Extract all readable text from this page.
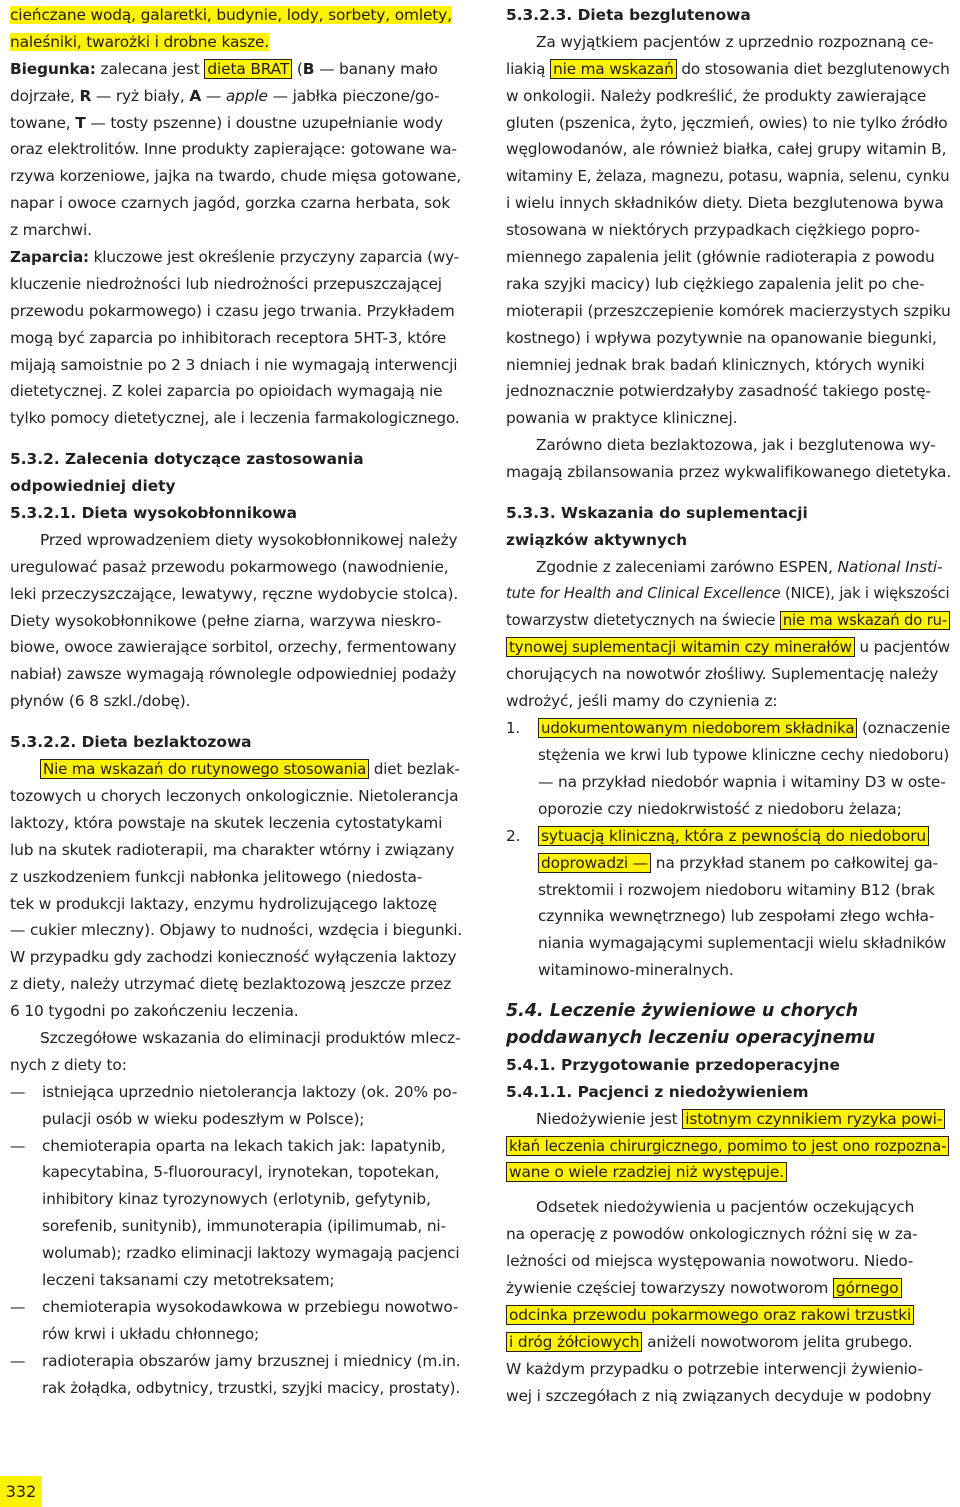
cieńczane wodą, galaretki, budynie, lody, sorbety, omlety,
naleśniki, twarożki i drobne kasze.
Biegunka: zalecana jest dieta BRAT (B — banany mało
dojrzałe, R — ryż biały, A — apple — jabłka pieczone/go-
towane, T — tosty pszenne) i doustne uzupełnianie wody
oraz elektrolitów. Inne produkty zapierające: gotowane wa-
rzywa korzeniowe, jajka na twardo, chude mięsa gotowane,
napar i owoce czarnych jagód, gorzka czarna herbata, sok
z marchwi.
Zaparcia: kluczowe jest określenie przyczyny zaparcia (wy-
kluczenie niedrożności lub niedrożności przepuszczającej
przewodu pokarmowego) i czasu jego trwania. Przykładem
mogą być zaparcia po inhibitorach receptora 5HT-3, które
mijają samoistnie po 2 3 dniach i nie wymagają interwencji
dietetycznej. Z kolei zaparcia po opioidach wymagają nie
tylko pomocy dietetycznej, ale i leczenia farmakologicznego.
5.3.2. Zalecenia dotyczące zastosowania
odpowiedniej diety
5.3.2.1. Dieta wysokobłonnikowa
Przed wprowadzeniem diety wysokobłonnikowej należy
uregulować pasaż przewodu pokarmowego (nawodnienie,
leki przeczyszczające, lewatywy, ręczne wydobycie stolca).
Diety wysokobłonnikowe (pełne ziarna, warzywa nieskro-
biowe, owoce zawierające sorbitol, orzechy, fermentowany
nabiał) zawsze wymagają równolegle odpowiedniej podaży
płynów (6 8 szkl./dobę).
5.3.2.2. Dieta bezlaktozowa
Nie ma wskazań do rutynowego stosowania diet bezlak-
tozowych u chorych leczonych onkologicznie. Nietolerancja
laktozy, która powstaje na skutek leczenia cytostatykami
lub na skutek radioterapii, ma charakter wtórny i związany
z uszkodzeniem funkcji nabłonka jelitowego (niedosta-
tek w produkcji laktazy, enzymu hydrolizującego laktozę
— cukier mleczny). Objawy to nudności, wzdęcia i biegunki.
W przypadku gdy zachodzi konieczność wyłączenia laktozy
z diety, należy utrzymać dietę bezlaktozową jeszcze przez
6 10 tygodni po zakończeniu leczenia.
Szczegółowe wskazania do eliminacji produktów mlecz-
nych z diety to:
— istniejąca uprzednio nietolerancja laktozy (ok. 20% po-
pulacji osób w wieku podeszłym w Polsce);
— chemioterapia oparta na lekach takich jak: lapatynib,
kapecytabina, 5-fluorouracyl, irynotekan, topotekan,
inhibitory kinaz tyrozynowych (erlotynib, gefytynib,
sorefenib, sunitynib), immunoterapia (ipilimumab, ni-
wolumab); rzadko eliminacji laktozy wymagają pacjenci
leczeni taksanami czy metotreksatem;
— chemioterapia wysokodawkowa w przebiegu nowotwo-
rów krwi i układu chłonnego;
— radioterapia obszarów jamy brzusznej i miednicy (m.in.
rak żołądka, odbytnicy, trzustki, szyjki macicy, prostaty).
5.3.2.3. Dieta bezglutenowa
Za wyjątkiem pacjentów z uprzednio rozpoznaną ce-
liakią nie ma wskazań do stosowania diet bezglutenowych
w onkologii. Należy podkreślić, że produkty zawierające
gluten (pszenica, żyto, jęczmień, owies) to nie tylko źródło
węglowodanów, ale również białka, całej grupy witamin B,
witaminy E, żelaza, magnezu, potasu, wapnia, selenu, cynku
i wielu innych składników diety. Dieta bezglutenowa bywa
stosowana w niektórych przypadkach ciężkiego popro-
miennego zapalenia jelit (głównie radioterapia z powodu
raka szyjki macicy) lub ciężkiego zapalenia jelit po che-
mioterapii (przeszczepienie komórek macierzystych szpiku
kostnego) i wpływa pozytywnie na opanowanie biegunki,
niemniej jednak brak badań klinicznych, których wyniki
jednoznacznie potwierdzałyby zasadność takiego postę-
powania w praktyce klinicznej.
Zarówno dieta bezlaktozowa, jak i bezglutenowa wy-
magają zbilansowania przez wykwalifikowanego dietetyka.
5.3.3. Wskazania do suplementacji
związków aktywnych
Zgodnie z zaleceniami zarówno ESPEN, National Insti-
tute for Health and Clinical Excellence (NICE), jak i większości
towarzystw dietetycznych na świecie nie ma wskazań do ru-
tynowej suplementacji witamin czy minerałów u pacjentów
chorujących na nowotwór złośliwy. Suplementację należy
wdrożyć, jeśli mamy do czynienia z:
1. udokumentowanym niedoborem składnika (oznaczenie
stężenia we krwi lub typowe kliniczne cechy niedoboru)
— na przykład niedobór wapnia i witaminy D3 w oste-
oporozie czy niedokrwistość z niedoboru żelaza;
2. sytuacją kliniczną, która z pewnością do niedoboru
doprowadzi — na przykład stanem po całkowitej ga-
strektomii i rozwojem niedoboru witaminy B12 (brak
czynnika wewnętrznego) lub zespołami złego wchła-
niania wymagającymi suplementacji wielu składników
witaminowo-mineralnych.
5.4. Leczenie żywieniowe u chorych
poddawanych leczeniu operacyjnemu
5.4.1. Przygotowanie przedoperacyjne
5.4.1.1. Pacjenci z niedożywieniem
Niedożywienie jest istotnym czynnikiem ryzyka powi-
kłań leczenia chirurgicznego, pomimo to jest ono rozpozna-
wane o wiele rzadziej niż występuje.
Odsetek niedożywienia u pacjentów oczekujących
na operację z powodów onkologicznych różni się w za-
leżności od miejsca występowania nowotworu. Niedo-
żywienie częściej towarzyszy nowotworom górnego
odcinka przewodu pokarmowego oraz rakowi trzustki
i dróg żółciowych aniżeli nowotworom jelita grubego.
W każdym przypadku o potrzebie interwencji żywienio-
wej i szczegółach z nią związanych decyduje w podobny
332
